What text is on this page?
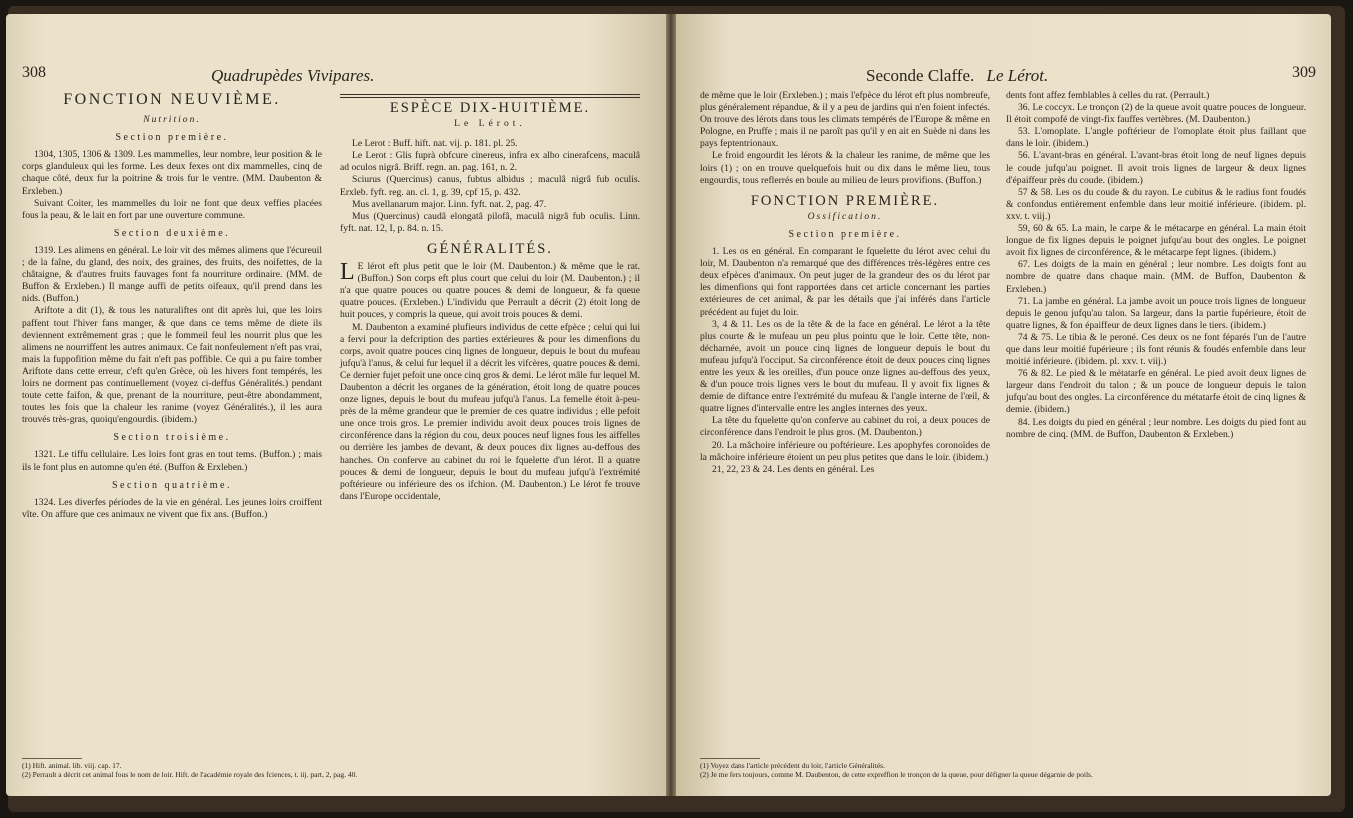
308	Quadrupèdes Vivipares.
FONCTION NEUVIÈME.
Nutrition.
Section première.

1304, 1305, 1306 & 1309. Les mammelles, leur nombre, leur position & le corps glanduleux qui les forme. Les deux fexes ont dix mammelles, cinq de chaque côté, deux fur la poitrine & trois fur le ventre. (MM. Daubenton & Erxleben.)

Suivant Coiter, les mammelles du loir ne font que deux veffies placées fous la peau, & le lait en fort par une ouverture commune.

Section deuxième.

1319. Les alimens en général. Le loir vit des mêmes alimens que l'écureuil ; de la faîne, du gland, des noix, des graines, des fruits, des noifettes, de la châtaigne, & d'autres fruits fauvages font fa nourriture ordinaire. (MM. de Buffon & Erxleben.) Il mange auffi de petits oifeaux, qu'il prend dans les nids. (Buffon.)

Ariftote a dit (1), & tous les naturaliftes ont dit après lui, que les loirs paffent tout l'hiver fans manger, & que dans ce tems même de diete ils deviennent extrêmement gras ; que le fommeil feul les nourrit plus que les alimens ne nourriffent les autres animaux. Ce fait nonfeulement n'eft pas vrai, mais la fuppofition même du fait n'eft pas poffible. Ce qui a pu faire tomber Ariftote dans cette erreur, c'eft qu'en Grèce, où les hivers font tempérés, les loirs ne dorment pas continuellement (voyez ci-deffus Généralités.) pendant toute cette faifon, & que, prenant de la nourriture, peut-être abondamment, toutes les fois que la chaleur les ranime (voyez Généralités.), il les aura trouvés très-gras, quoiqu'engourdis. (ibidem.)

Section troisième.

1321. Le tiffu cellulaire. Les loirs font gras en tout tems. (Buffon.) ; mais ils le font plus en automne qu'en été. (Buffon & Erxleben.)

Section quatrième.

1324. Les diverfes périodes de la vie en général. Les jeunes loirs croiffent vîte. On affure que ces animaux ne vivent que fix ans. (Buffon.)

ESPÈCE DIX-HUITIÈME.
Le Lérot.

Le Lerot : Buff. hift. nat. vij. p. 181. pl. 25.

Le Lerot : Glis fuprà obfcure cinereus, infra ex albo cinerafcens, maculâ ad oculos nigrâ. Briff. regn. an. pag. 161, n. 2.

Sciurus (Quercinus) canus, fubtus albidus ; maculâ nigrâ fub oculis. Erxleb. fyft. reg. an. cl. 1, g. 39, cpf 15, p. 432.

Mus avellanarum major. Linn. fyft. nat. 2, pag. 47.

Mus (Quercinus) caudâ elongatâ pilofâ, maculâ nigrâ fub oculis. Linn. fyft. nat. 12, I, p. 84. n. 15.

GÉNÉRALITÉS.

L E lérot eft plus petit que le loir (M. Daubenton.) & même que le rat. (Buffon.) Son corps eft plus court que celui du loir (M. Daubenton.) ; il n'a que quatre pouces ou quatre pouces & demi de longueur, & fa queue quatre pouces. (Erxleben.) L'individu que Perrault a décrit (2) étoit long de huit pouces, y compris la queue, qui avoit trois pouces & demi.

M. Daubenton a examiné plufieurs individus de cette efpèce ; celui qui lui a fervi pour la defcription des parties extérieures & pour les dimenfions du corps, avoit quatre pouces cinq lignes de longueur, depuis le bout du mufeau jufqu'à l'anus, & celui fur lequel il a décrit les vifcères, quatre pouces & demi. Ce dernier fujet pefoit une once cinq gros & demi. Le lérot mâle fur lequel M. Daubenton a décrit les organes de la génération, étoit long de quatre pouces onze lignes, depuis le bout du mufeau jufqu'à l'anus. La femelle étoit à-peu-près de la même grandeur que le premier de ces quatre individus ; elle pefoit une once trois gros. Le premier individu avoit deux pouces trois lignes de circonférence dans la région du cou, deux pouces neuf lignes fous les aiffelles ou derrière les jambes de devant, & deux pouces dix lignes au-deffous des hanches. On conferve au cabinet du roi le fquelette d'un lérot. Il a quatre pouces & demi de longueur, depuis le bout du mufeau jufqu'à l'extrémité poftérieure ou inférieure des os ifchion. (M. Daubenton.) Le lérot fe trouve dans l'Europe occidentale,

(1) Hift. animal. lib. viij. cap. 17.
(2) Perrault a décrit cet animal fous le nom de loir. Hift. de l'académie royale des fciences, t. iij. part, 2, pag. 40.
Seconde Claffe. Le Lérot.	309

de même que le loir (Erxleben.) ; mais l'efpèce du lérot eft plus nombreufe, plus généralement répandue, & il y a peu de jardins qui n'en foient infectés. On trouve des lérots dans tous les climats tempérés de l'Europe & même en Pologne, en Pruffe ; mais il ne paroît pas qu'il y en ait en Suède ni dans les pays feptentrionaux.

Le froid engourdit les lérots & la chaleur les ranime, de même que les loirs (1) ; on en trouve quelquefois huit ou dix dans le même lieu, tous engourdis, tous reflerrés en boule au milieu de leurs provifions. (Buffon.)

FONCTION PREMIÈRE.
Ossification.
Section première.

1. Les os en général. En comparant le fquelette du lérot avec celui du loir, M. Daubenton n'a remarqué que des différences très-légères entre ces deux efpèces d'animaux. On peut juger de la grandeur des os du lérot par les dimenfions qui font rapportées dans cet article concernant les parties extérieures de cet animal, & par les détails que j'ai inférés dans l'article précédent au fujet du loir.

3, 4 & 11. Les os de la tête & de la face en général. Le lérot a la tête plus courte & le mufeau un peu plus pointu que le loir. Cette tête, non-décharnée, avoit un pouce cinq lignes de longueur depuis le bout du mufeau jufqu'à l'occiput. Sa circonférence étoit de deux pouces cinq lignes entre les yeux & les oreilles, d'un pouce onze lignes au-deffous des yeux, & d'un pouce trois lignes vers le bout du mufeau. Il y avoit fix lignes & demie de diftance entre l'extrémité du mufeau & l'angle interne de l'œil, & quatre lignes d'intervalle entre les angles internes des yeux.

La tête du fquelette qu'on conferve au cabinet du roi, a deux pouces de circonférence dans l'endroit le plus gros. (M. Daubenton.)

20. La mâchoire inférieure ou poftérieure. Les apophyfes coronoïdes de la mâchoire inférieure étoient un peu plus petites que dans le loir. (ibidem.)

21, 22, 23 & 24. Les dents en général. Les

dents font affez femblables à celles du rat. (Perrault.)

36. Le coccyx. Le tronçon (2) de la queue avoit quatre pouces de longueur. Il étoit compofé de vingt-fix fauffes vertèbres. (M. Daubenton.)

53. L'omoplate. L'angle poftérieur de l'omoplate étoit plus faillant que dans le loir. (ibidem.)

56. L'avant-bras en général. L'avant-bras étoit long de neuf lignes depuis le coude jufqu'au poignet. Il avoit trois lignes de largeur & deux lignes d'épaiffeur près du coude. (ibidem.)

57 & 58. Les os du coude & du rayon. Le cubitus & le radius font foudés & confondus entièrement enfemble dans leur moitié inférieure. (ibidem. pl. xxv. t. viij.)

59, 60 & 65. La main, le carpe & le métacarpe en général. La main étoit longue de fix lignes depuis le poignet jufqu'au bout des ongles. Le poignet avoit fix lignes de circonférence, & le métacarpe fept lignes. (ibidem.)

67. Les doigts de la main en général ; leur nombre. Les doigts font au nombre de quatre dans chaque main. (MM. de Buffon, Daubenton & Erxleben.)

71. La jambe en général. La jambe avoit un pouce trois lignes de longueur depuis le genou jufqu'au talon. Sa largeur, dans la partie fupérieure, étoit de quatre lignes, & fon épaiffeur de deux lignes dans le tiers. (ibidem.)

74 & 75. Le tibia & le peroné. Ces deux os ne font féparés l'un de l'autre que dans leur moitié fupérieure ; ils font réunis & foudés enfemble dans leur moitié inférieure. (ibidem. pl. xxv. t. viij.)

76 & 82. Le pied & le métatarfe en général. Le pied avoit deux lignes de largeur dans l'endroit du talon ; & un pouce de longueur depuis le talon jufqu'au bout des ongles. La circonférence du métatarfe étoit de cinq lignes & demie. (ibidem.)

84. Les doigts du pied en général ; leur nombre. Les doigts du pied font au nombre de cinq. (MM. de Buffon, Daubenton & Erxleben.)

(1) Voyez dans l'article précédent du loir, l'article Généralités.
(2) Je me fers toujours, comme M. Daubenton, de cette expreffion le tronçon de la queue, pour défigner la queue dégarnie de poils.
